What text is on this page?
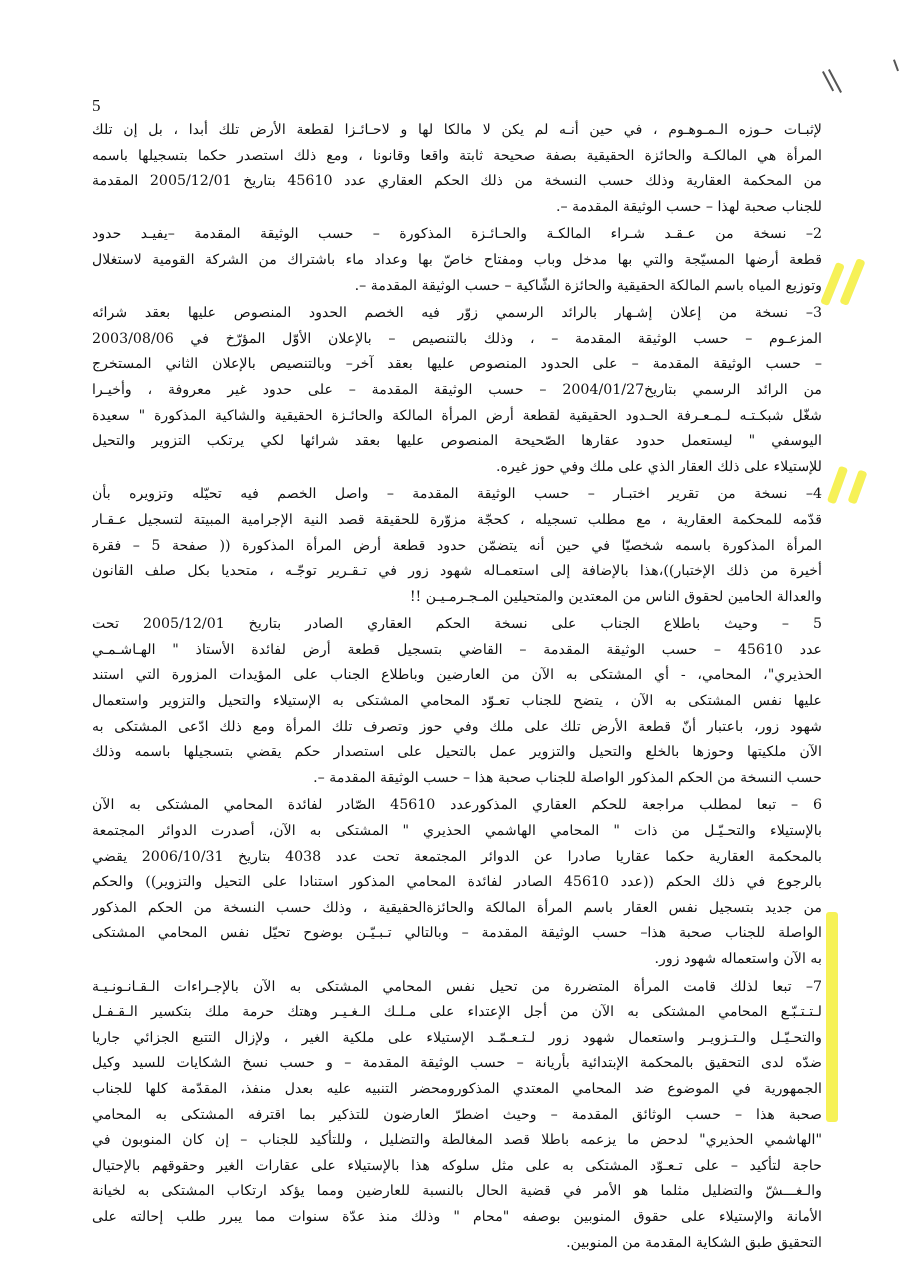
5
لإثبـات حـوزه الـمـوهـوم ، في حين أنـه لم يكن لا مالكا لها و لاحـائـزا لقطعة الأرض تلك أبدا ، بل إن تلك
المرأة هي المالكـة والحائزة الحقيقية بصفة صحيحة ثابتة واقعا وقانونا ، ومع ذلك استصدر حكما بتسجيلها باسمه
من المحكمة العقارية وذلك حسب النسخة من ذلك الحكم العقاري عدد 45610 بتاريخ 2005/12/01 المقدمة
للجناب صحبة لهذا – حسب الوثيقة المقدمة –.
2– نسخة من عـقـد شـراء المالكـة والحـائـزة المذكورة – حسب الوثيقة المقدمة –يفيـد حدود
قطعة أرضها المسيّجة والتي بها مدخل وباب ومفتاح خاصّ بها وعداد ماء باشتراك من الشركة القومية لاستغلال
وتوزيع المياه باسم المالكة الحقيقية والحائزة الشّاكية – حسب الوثيقة المقدمة –.
3– نسخة من إعلان إشـهار بالرائد الرسمي زوّر فيه الخصم الحدود المنصوص عليها بعقد شرائه
المزعـوم – حسب الوثيقة المقدمة – ، وذلك بالتنصيص – بالإعلان الأوّل المؤرّخ في 2003/08/06
– حسب الوثيقة المقدمة – على الحدود المنصوص عليها بعقد آخر– وبالتنصيص بالإعلان الثاني المستخرج
من الرائد الرسمي بتاريخ2004/01/27 – حسب الوثيقة المقدمة – على حدود غير معروفة ، وأخيـرا
شغّل شبكـتـه لـمـعـرفة الحـدود الحقيقية لقطعة أرض المرأة المالكة والحائـزة الحقيقية والشاكية المذكورة " سعيدة
اليوسفي " ليستعمل حدود عقارها الصّحيحة المنصوص عليها بعقد شرائها لكي يرتكب التزوير والتحيل
للإستيلاء على ذلك العقار الذي على ملك وفي حوز غيره.
4– نسخة من تقرير اختبـار – حسب الوثيقة المقدمة – واصل الخصم فيه تحيّله وتزويره بأن
قدّمه للمحكمة العقارية ، مع مطلب تسجيله ، كحجّة مزوّرة للحقيقة قصد النية الإجرامية المبيتة لتسجيل عـقـار
المرأة المذكورة باسمه شخصيّا في حين أنه يتضمّن حدود قطعة أرض المرأة المذكورة (( صفحة 5 – فقرة
أخيرة من ذلك الإختبار))،هذا بالإضافة إلى استعمـاله شهود زور في تـقـرير توجّـه ، متحديا بكل صلف القانون
والعدالة الحامين لحقوق الناس من المعتدين والمتحيلين المـجـرمـيـن !!
5 – وحيث باطلاع الجناب على نسخة الحكم العقاري الصادر بتاريخ 2005/12/01 تحت
عدد 45610 – حسب الوثيقة المقدمة – القاضي بتسجيل قطعة أرض لفائدة الأستاذ " الهـاشـمـي
الحذيري"، المحامي، - أي المشتكى به الآن من العارضين وباطلاع الجناب على المؤيدات المزورة التي استند
عليها نفس المشتكى به الآن ، يتضح للجناب تعـوّد المحامي المشتكى به الإستيلاء والتحيل والتزوير واستعمال
شهود زور، باعتبار أنّ قطعة الأرض تلك على ملك وفي حوز وتصرف تلك المرأة ومع ذلك ادّعى المشتكى به
الآن ملكيتها وحوزها بالخلع والتحيل والتزوير عمل بالتحيل على استصدار حكم يقضي بتسجيلها باسمه وذلك
حسب النسخة من الحكم المذكور الواصلة للجناب صحبة هذا – حسب الوثيقة المقدمة –.
6 – تبعا لمطلب مراجعة للحكم العقاري المذكورعدد 45610 الصّادر لفائدة المحامي المشتكى به الآن
بالإستيلاء والتحـيّـل من ذات " المحامي الهاشمي الحذيري " المشتكى به الآن، أصدرت الدوائر المجتمعة
بالمحكمة العقارية حكما عقاريا صادرا عن الدوائر المجتمعة تحت عدد 4038 بتاريخ 2006/10/31 يقضي
بالرجوع في ذلك الحكم ((عدد 45610 الصادر لفائدة المحامي المذكور استنادا على التحيل والتزوير)) والحكم
من جديد بتسجيل نفس العقار باسم المرأة المالكة والحائزةالحقيقية ، وذلك حسب النسخة من الحكم المذكور
الواصلة للجناب صحبة هذا– حسب الوثيقة المقدمة – وبالتالي تـبـيّـن بوضوح تحيّل نفس المحامي المشتكى
به الآن واستعماله شهود زور.
7– تبعا لذلك قامت المرأة المتضررة من تحيل نفس المحامي المشتكى به الآن بالإجـراءات الـقـانـونـيـة
لـتـتـبّـع المحامي المشتكى به الآن من أجل الإعتداء على مـلـك الـغـيـر وهتك حرمة ملك بتكسير الـقـفـل
والتحـيّـل والـتـزويـر واستعمال شهود زور لـتـعـمّـد الإستيلاء على ملكية الغير ، ولإزال التتبع الجزائي جاريا
ضدّه لدى التحقيق بالمحكمة الإبتدائية بأريانة – حسب الوثيقة المقدمة – و حسب نسخ الشكايات للسيد وكيل
الجمهورية في الموضوع ضد المحامي المعتدي المذكورومحضر التنبيه عليه بعدل منفذ، المقدّمة كلها للجناب
صحبة هذا – حسب الوثائق المقدمة – وحيث اضطرّ العارضون للتذكير بما اقترفه المشتكى به المحامي
"الهاشمي الحذيري" لدحض ما يزعمه باطلا قصد المغالطة والتضليل ، وللتأكيد للجناب – إن كان المنوبون في
حاجة لتأكيد – على تـعـوّد المشتكى به على مثل سلوكه هذا بالإستيلاء على عقارات الغير وحقوقهم بالإحتيال
والـغـــشّ والتضليل مثلما هو الأمر في قضية الحال بالنسبة للعارضين ومما يؤكد ارتكاب المشتكى به لخيانة
الأمانة والإستيلاء على حقوق المنوبين بوصفه "محام " وذلك منذ عدّة سنوات مما يبرر طلب إحالته على
التحقيق طبق الشكاية المقدمة من المنوبين.
